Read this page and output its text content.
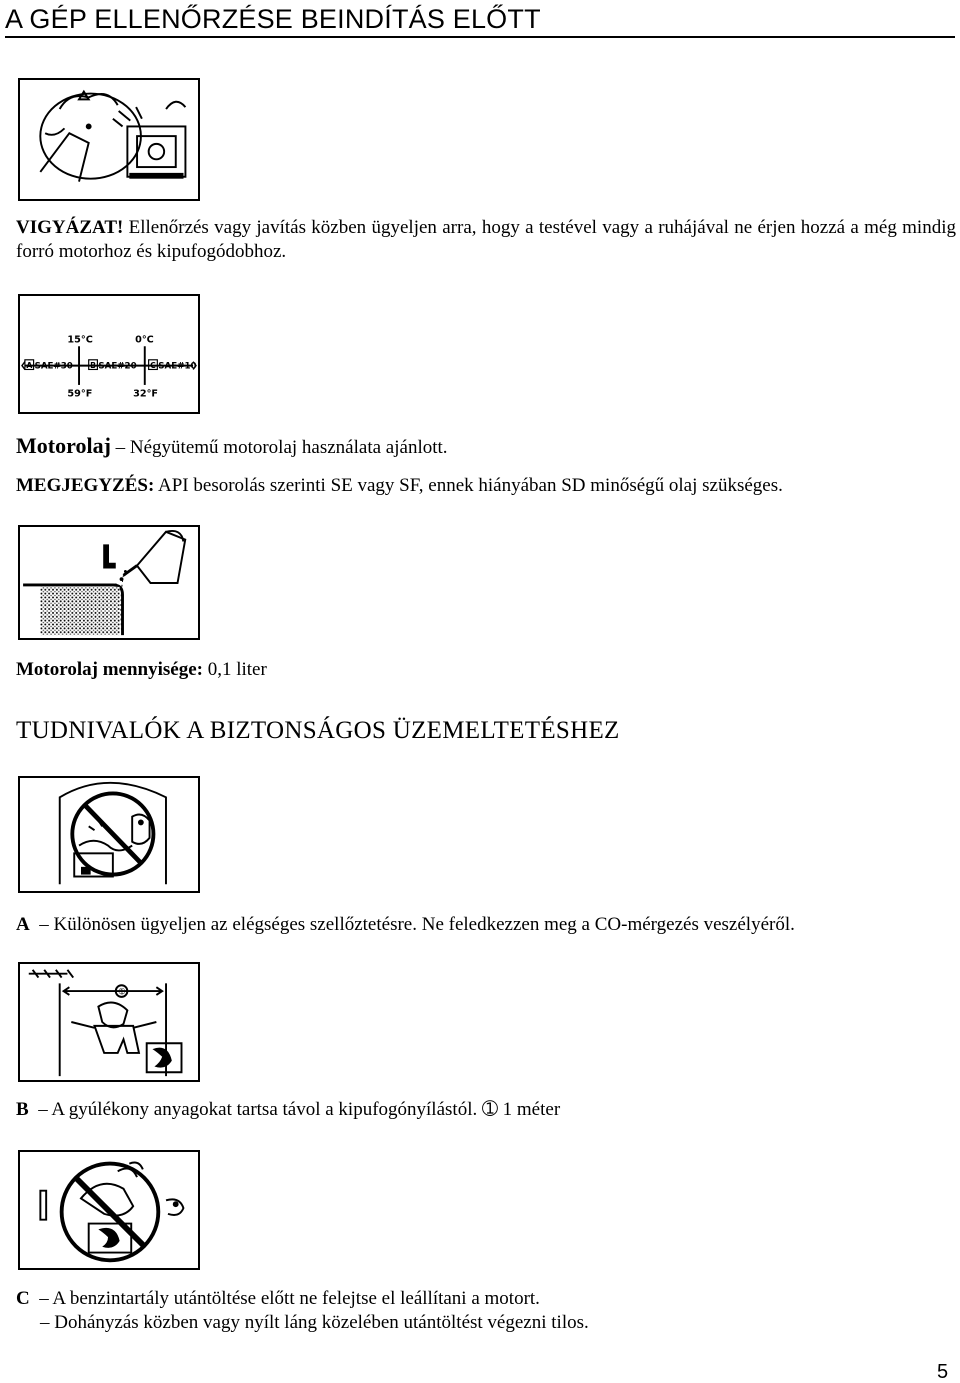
A GÉP ELLENŐRZÉSE BEINDÍTÁS ELŐTT
VIGYÁZAT! Ellenőrzés vagy javítás közben ügyeljen arra, hogy a testével vagy a ruhájával ne érjen hozzá a még mindig forró motorhoz és kipufogódobhoz.
15°C	0°C
A SAE#30 B SAE#20 C SAE#10
59°F	32°F
Motorolaj – Négyütemű motorolaj használata ajánlott.
MEGJEGYZÉS: API besorolás szerinti SE vagy SF, ennek hiányában SD minőségű olaj szükséges.
Motorolaj mennyisége: 0,1 liter
TUDNIVALÓK A BIZTONSÁGOS ÜZEMELTETÉSHEZ
A – Különösen ügyeljen az elégséges szellőztetésre. Ne feledkezzen meg a CO-mérgezés veszélyéről.
➀
B – A gyúlékony anyagokat tartsa távol a kipufogónyílástól. ➀ 1 méter
C – A benzintartály utántöltése előtt ne felejtse el leállítani a motort.
– Dohányzás közben vagy nyílt láng közelében utántöltést végezni tilos.
5
